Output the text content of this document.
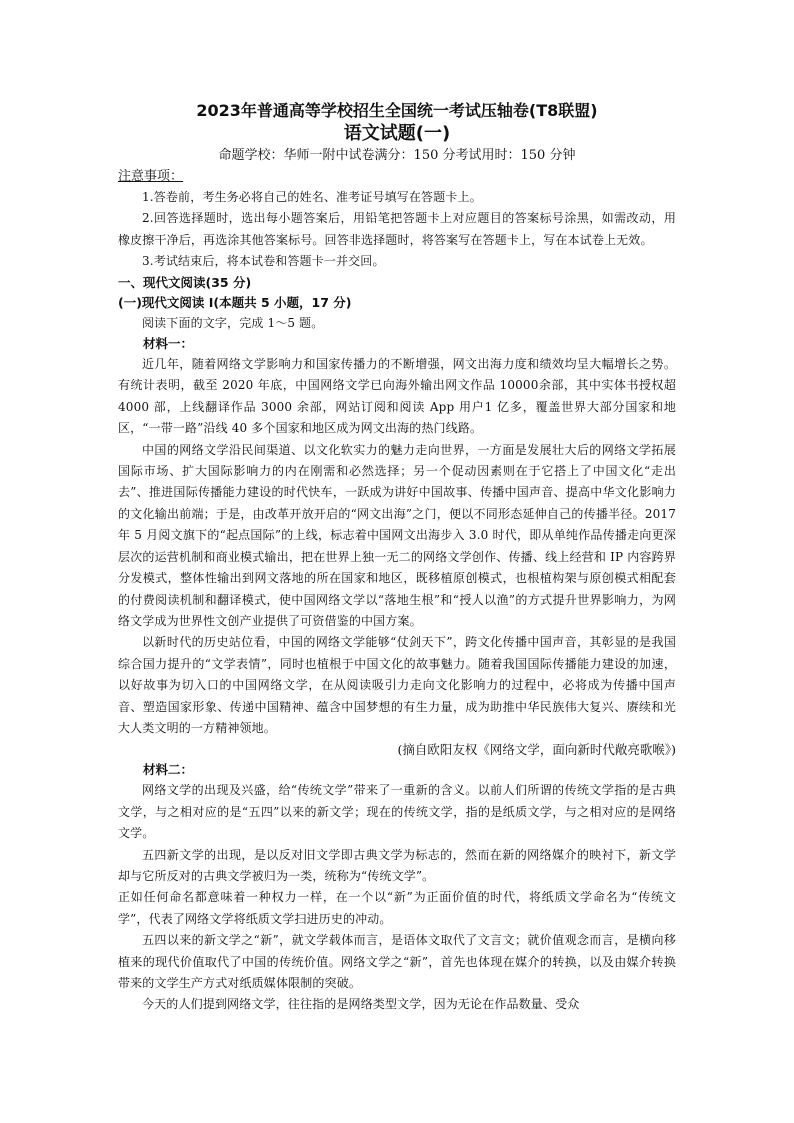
2023年普通高等学校招生全国统一考试压轴卷(T8联盟)

语文试题(一)

命题学校：华师一附中试卷满分：150 分考试用时：150 分钟

注意事项：

1.答卷前，考生务必将自己的姓名、准考证号填写在答题卡上。

2.回答选择题时，选出每小题答案后，用铅笔把答题卡上对应题目的答案标号涂黑，如需改动，用橡皮擦干净后，再选涂其他答案标号。回答非选择题时，将答案写在答题卡上，写在本试卷上无效。

3.考试结束后，将本试卷和答题卡一并交回。

一、现代文阅读(35 分)

(一)现代文阅读 I(本题共 5 小题，17 分)

阅读下面的文字，完成 1～5 题。

材料一：

近几年，随着网络文学影响力和国家传播力的不断增强，网文出海力度和绩效均呈大幅增长之势。有统计表明，截至 2020 年底，中国网络文学已向海外输出网文作品 10000余部，其中实体书授权超 4000 部，上线翻译作品 3000 余部，网站订阅和阅读 App 用户1 亿多，覆盖世界大部分国家和地区，“一带一路”沿线 40 多个国家和地区成为网文出海的热门线路。

中国的网络文学沿民间渠道、以文化软实力的魅力走向世界，一方面是发展壮大后的网络文学拓展国际市场、扩大国际影响力的内在刚需和必然选择；另一个促动因素则在于它搭上了中国文化“走出去”、推进国际传播能力建设的时代快车，一跃成为讲好中国故事、传播中国声音、提高中华文化影响力的文化输出前端；于是，由改革开放开启的“网文出海”之门，便以不同形态延伸自己的传播半径。2017 年 5 月阅文旗下的“起点国际”的上线，标志着中国网文出海步入 3.0 时代，即从单纯作品传播走向更深层次的运营机制和商业模式输出，把在世界上独一无二的网络文学创作、传播、线上经营和 IP 内容跨界分发模式，整体性输出到网文落地的所在国家和地区，既移植原创模式，也根植构架与原创模式相配套的付费阅读机制和翻译模式，使中国网络文学以“落地生根”和“授人以渔”的方式提升世界影响力，为网络文学成为世界性文创产业提供了可资借鉴的中国方案。

以新时代的历史站位看，中国的网络文学能够“仗剑天下”，跨文化传播中国声音，其彰显的是我国综合国力提升的“文学表情”，同时也植根于中国文化的故事魅力。随着我国国际传播能力建设的加速，以好故事为切入口的中国网络文学，在从阅读吸引力走向文化影响力的过程中，必将成为传播中国声音、塑造国家形象、传递中国精神、蕴含中国梦想的有生力量，成为助推中华民族伟大复兴、赓续和光大人类文明的一方精神领地。

(摘自欧阳友权《网络文学，面向新时代敞亮歌喉》)

材料二：

网络文学的出现及兴盛，给“传统文学”带来了一重新的含义。以前人们所谓的传统文学指的是古典文学，与之相对应的是“五四”以来的新文学；现在的传统文学，指的是纸质文学，与之相对应的是网络文学。

五四新文学的出现，是以反对旧文学即古典文学为标志的，然而在新的网络媒介的映衬下，新文学却与它所反对的古典文学被归为一类，统称为“传统文学”。

正如任何命名都意味着一种权力一样，在一个以“新”为正面价值的时代，将纸质文学命名为“传统文学”，代表了网络文学将纸质文学扫进历史的冲动。

五四以来的新文学之“新”，就文学载体而言，是语体文取代了文言文；就价值观念而言，是横向移植来的现代价值取代了中国的传统价值。网络文学之“新”，首先也体现在媒介的转换，以及由媒介转换带来的文学生产方式对纸质媒体限制的突破。

今天的人们提到网络文学，往往指的是网络类型文学，因为无论在作品数量、受众
